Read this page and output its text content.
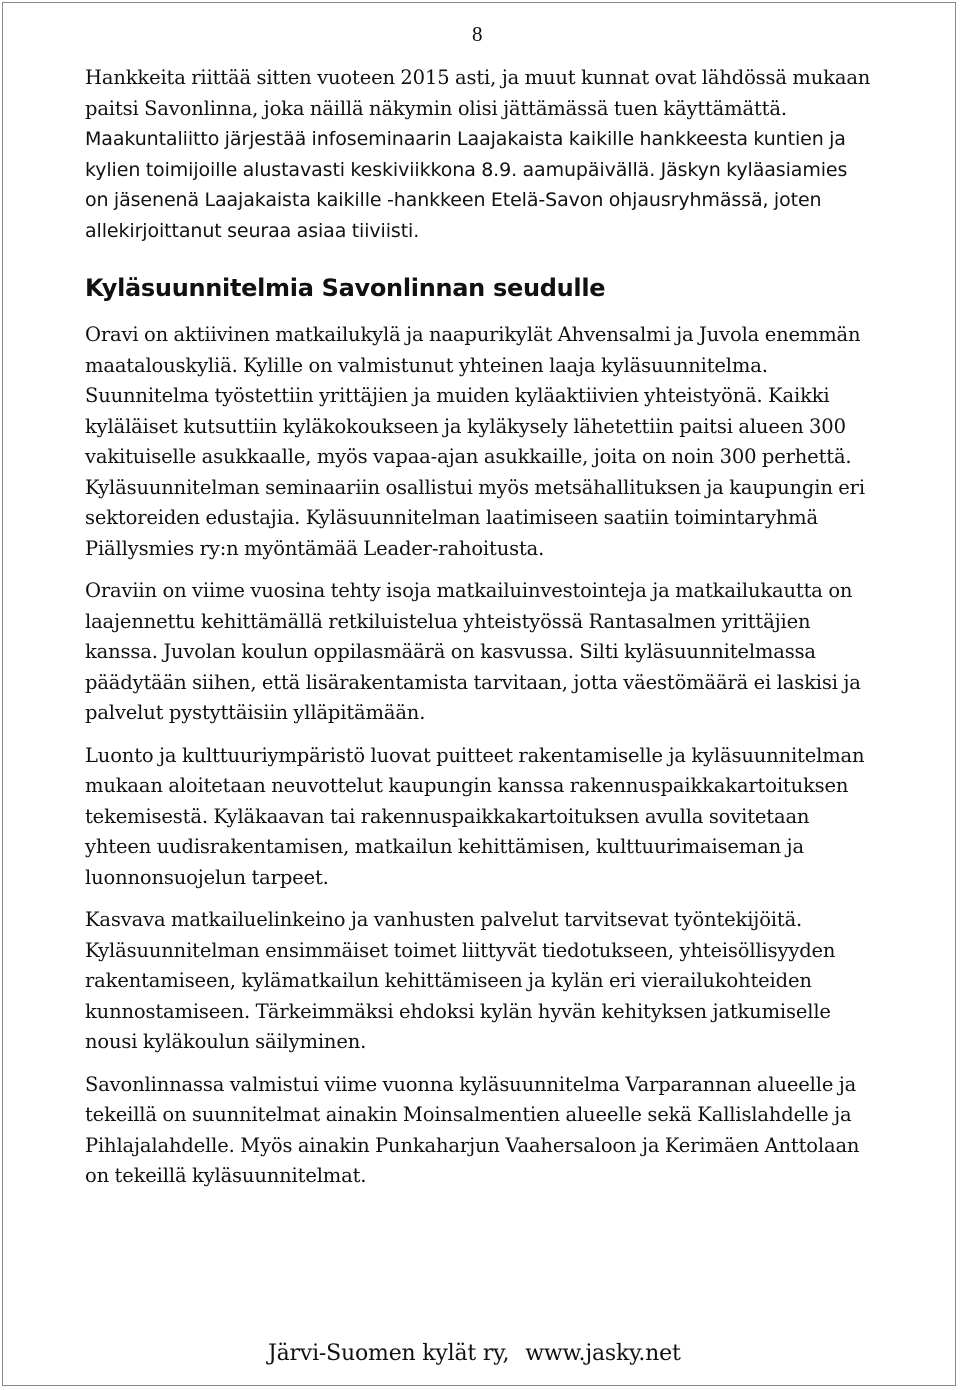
8

Hankkeita riittää sitten vuoteen 2015 asti, ja muut kunnat ovat lähdössä mukaan paitsi Savonlinna, joka näillä näkymin olisi jättämässä tuen käyttämättä.

Maakuntaliitto järjestää infoseminaarin Laajakaista kaikille hankkeesta kuntien ja kylien toimijoille alustavasti keskiviikkona 8.9. aamupäivällä. Jäskyn kyläasiamies on jäsenenä Laajakaista kaikille -hankkeen Etelä-Savon ohjausryhmässä, joten allekirjoittanut seuraa asiaa tiiviisti.

Kyläsuunnitelmia Savonlinnan seudulle

Oravi on aktiivinen matkailukylä ja naapurikylät Ahvensalmi ja Juvola enemmän maatalouskyliä. Kylille on valmistunut yhteinen laaja kyläsuunnitelma. Suunnitelma työstettiin yrittäjien ja muiden kyläaktiivien yhteistyönä. Kaikki kyläläiset kutsuttiin kyläkokoukseen ja kyläkysely lähetettiin paitsi alueen 300 vakituiselle asukkaalle, myös vapaa-ajan asukkaille, joita on noin 300 perhettä. Kyläsuunnitelman seminaariin osallistui myös metsähallituksen ja kaupungin eri sektoreiden edustajia. Kyläsuunnitelman laatimiseen saatiin toimintaryhmä Piällysmies ry:n myöntämää Leader-rahoitusta.

Oraviin on viime vuosina tehty isoja matkailuinvestointeja ja matkailukautta on laajennettu kehittämällä retkiluistelua yhteistyössä Rantasalmen yrittäjien kanssa. Juvolan koulun oppilasmäärä on kasvussa. Silti kyläsuunnitelmassa päädytään siihen, että lisärakentamista tarvitaan, jotta väestömäärä ei laskisi ja palvelut pystyttäisiin ylläpitämään.

Luonto ja kulttuuriympäristö luovat puitteet rakentamiselle ja kyläsuunnitelman mukaan aloitetaan neuvottelut kaupungin kanssa rakennuspaikkakartoituksen tekemisestä. Kyläkaavan tai rakennuspaikkakartoituksen avulla sovitetaan yhteen uudisrakentamisen, matkailun kehittämisen, kulttuurimaiseman ja luonnonsuojelun tarpeet.

Kasvava matkailuelinkeino ja vanhusten palvelut tarvitsevat työntekijöitä. Kyläsuunnitelman ensimmäiset toimet liittyvät tiedotukseen, yhteisöllisyyden rakentamiseen, kylämatkailun kehittämiseen ja kylän eri vierailukohteiden kunnostamiseen. Tärkeimmäksi ehdoksi kylän hyvän kehityksen jatkumiselle nousi kyläkoulun säilyminen.

Savonlinnassa valmistui viime vuonna kyläsuunnitelma Varparannan alueelle ja tekeillä on suunnitelmat ainakin Moinsalmentien alueelle sekä Kallislahdelle ja Pihlajalahdelle. Myös ainakin Punkaharjun Vaahersaloon ja Kerimäen Anttolaan on tekeillä kyläsuunnitelmat.

Järvi-Suomen kylät ry, www.jasky.net
